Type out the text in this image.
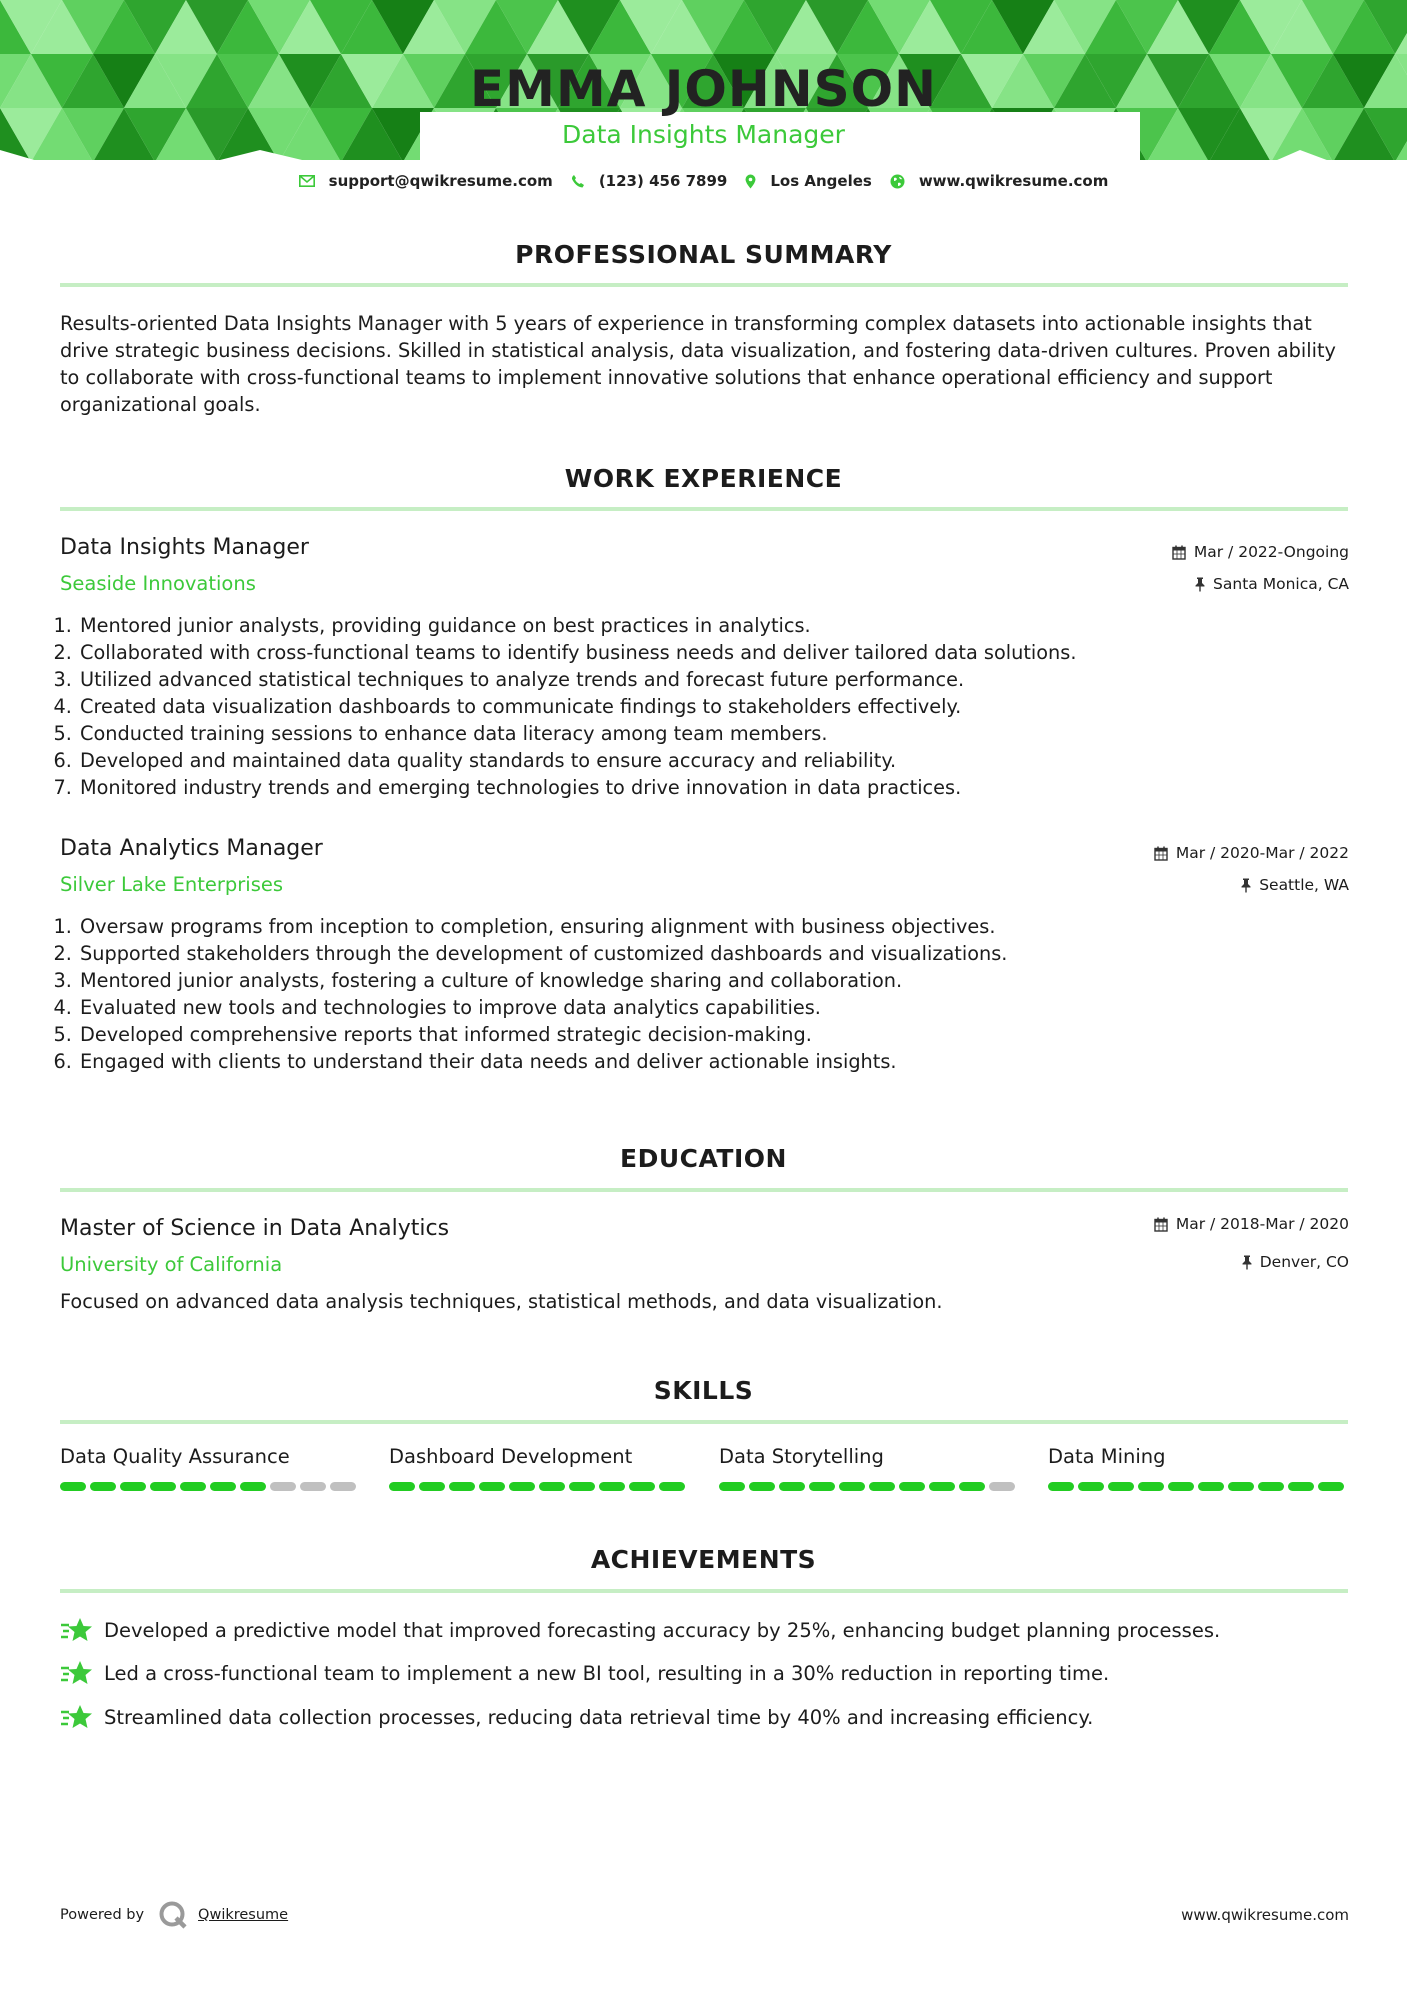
EMMA JOHNSON
Data Insights Manager
support@qwikresume.com	(123) 456 7899	Los Angeles	www.qwikresume.com
PROFESSIONAL SUMMARY
Results-oriented Data Insights Manager with 5 years of experience in transforming complex datasets into actionable insights that drive strategic business decisions. Skilled in statistical analysis, data visualization, and fostering data-driven cultures. Proven ability to collaborate with cross-functional teams to implement innovative solutions that enhance operational efficiency and support organizational goals.
WORK EXPERIENCE
Data Insights Manager
Seaside Innovations
Mar / 2022-Ongoing
Santa Monica, CA
1. Mentored junior analysts, providing guidance on best practices in analytics.
2. Collaborated with cross-functional teams to identify business needs and deliver tailored data solutions.
3. Utilized advanced statistical techniques to analyze trends and forecast future performance.
4. Created data visualization dashboards to communicate findings to stakeholders effectively.
5. Conducted training sessions to enhance data literacy among team members.
6. Developed and maintained data quality standards to ensure accuracy and reliability.
7. Monitored industry trends and emerging technologies to drive innovation in data practices.
Data Analytics Manager
Silver Lake Enterprises
Mar / 2020-Mar / 2022
Seattle, WA
1. Oversaw programs from inception to completion, ensuring alignment with business objectives.
2. Supported stakeholders through the development of customized dashboards and visualizations.
3. Mentored junior analysts, fostering a culture of knowledge sharing and collaboration.
4. Evaluated new tools and technologies to improve data analytics capabilities.
5. Developed comprehensive reports that informed strategic decision-making.
6. Engaged with clients to understand their data needs and deliver actionable insights.
EDUCATION
Master of Science in Data Analytics
University of California
Mar / 2018-Mar / 2020
Denver, CO
Focused on advanced data analysis techniques, statistical methods, and data visualization.
SKILLS
Data Quality Assurance	Dashboard Development	Data Storytelling	Data Mining
ACHIEVEMENTS
Developed a predictive model that improved forecasting accuracy by 25%, enhancing budget planning processes.
Led a cross-functional team to implement a new BI tool, resulting in a 30% reduction in reporting time.
Streamlined data collection processes, reducing data retrieval time by 40% and increasing efficiency.
Powered by	Qwikresume	www.qwikresume.com
